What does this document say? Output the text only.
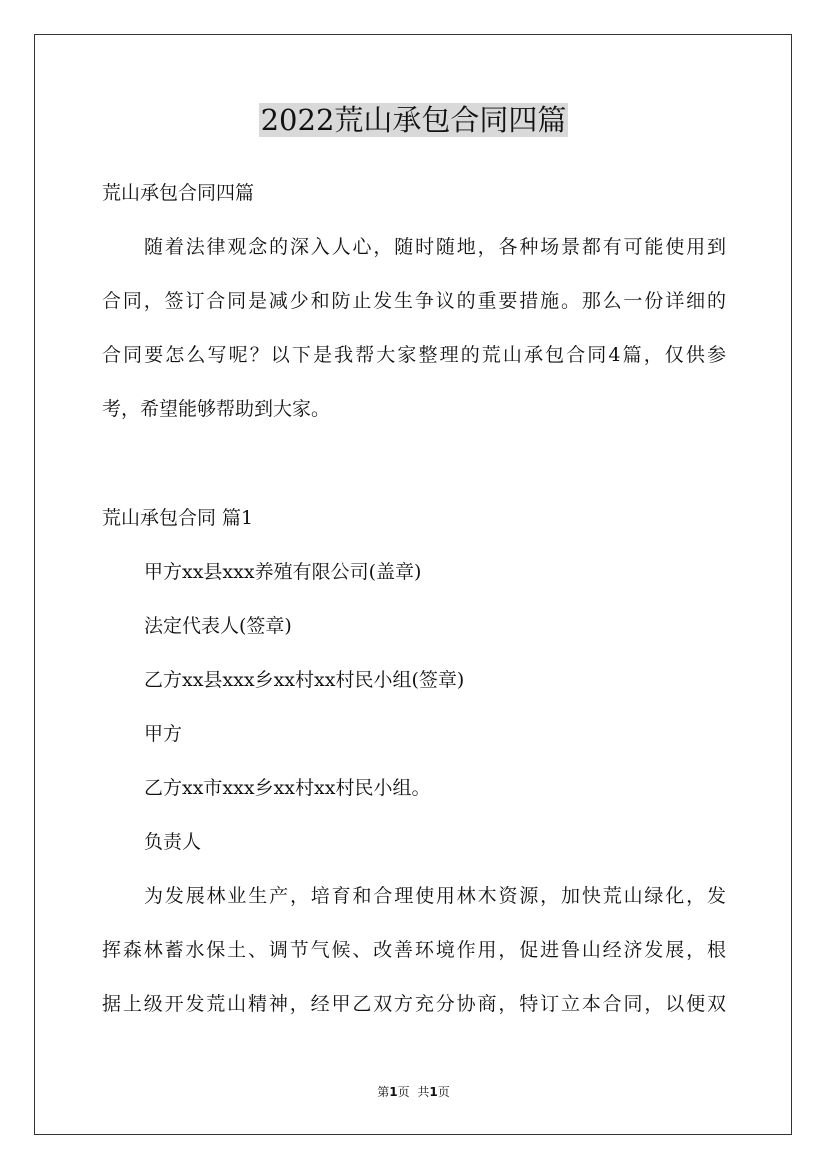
2022荒山承包合同四篇
荒山承包合同四篇
随着法律观念的深入人心，随时随地，各种场景都有可能使用到
合同，签订合同是减少和防止发生争议的重要措施。那么一份详细的
合同要怎么写呢？以下是我帮大家整理的荒山承包合同4篇，仅供参
考，希望能够帮助到大家。
荒山承包合同 篇1
甲方xx县xxx养殖有限公司(盖章)
法定代表人(签章)
乙方xx县xxx乡xx村xx村民小组(签章)
甲方
乙方xx市xxx乡xx村xx村民小组。
负责人
为发展林业生产，培育和合理使用林木资源，加快荒山绿化，发
挥森林蓄水保土、调节气候、改善环境作用，促进鲁山经济发展，根
据上级开发荒山精神，经甲乙双方充分协商，特订立本合同，以便双
第1页 共1页
